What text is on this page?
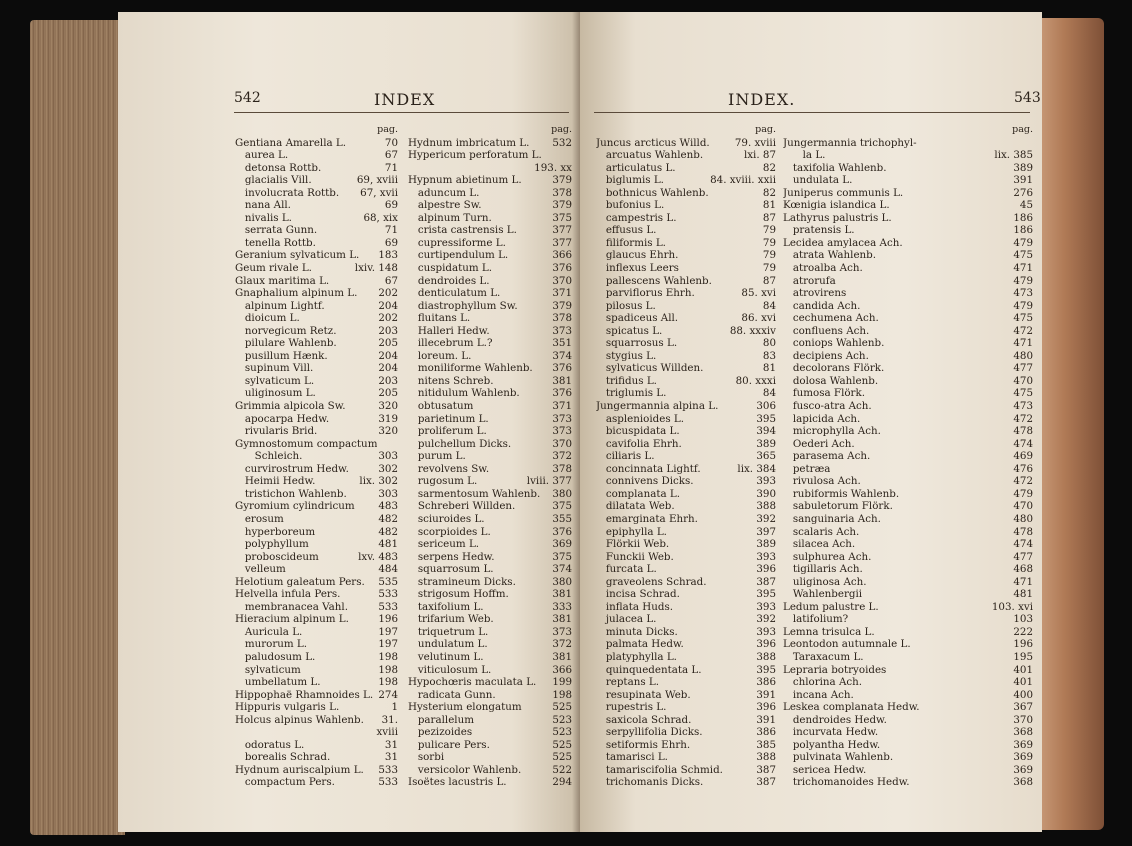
542	INDEX
pag.
Gentiana Amarella L.	70
aurea L.	67
detonsa Rottb.	71
glacialis Vill.	69, xviii
involucrata Rottb. 67, xvii
nana All.	69
nivalis L.	68, xix
serrata Gunn.	71
tenella Rottb.	69
Geranium sylvaticum L. 183
Geum rivale L.	lxiv. 148
Glaux maritima L.	67
Gnaphalium alpinum L. 202
alpinum Lightf.	204
dioicum L.	202
norvegicum Retz.	203
pilulare Wahlenb.	205
pusillum Hænk.	204
supinum Vill.	204
sylvaticum L.	203
uliginosum L.	205
Grimmia alpicola Sw.	320
apocarpa Hedw.	319
rivularis Brid.	320
Gymnostomum compactum
Schleich.	303
curvirostrum Hedw.	302
Heimii Hedw.	lix. 302
tristichon Wahlenb.	303
Gyromium cylindricum 483
erosum	482
hyperboreum	482
polyphyllum	481
proboscideum	lxv. 483
velleum	484
Helotium galeatum Pers. 535
Helvella infula Pers.	533
membranacea Vahl.	533
Hieracium alpinum L.	196
Auricula L.	197
murorum L.	197
paludosum L.	198
sylvaticum	198
umbellatum L.	198
Hippophaë Rhamnoides L. 274
Hippuris vulgaris L.	1
Holcus alpinus Wahlenb. 31.
xviii
odoratus L.	31
borealis Schrad.	31
Hydnum auriscalpium L. 533
compactum Pers.	533
pag.
Hydnum imbricatum L. 532
Hypericum perforatum L.
193. xx
Hypnum abietinum L.	379
aduncum L.	378
alpestre Sw.	379
alpinum Turn.	375
crista castrensis L.	377
cupressiforme L.	377
curtipendulum L.	366
cuspidatum L.	376
dendroides L.	370
denticulatum L.	371
diastrophyllum Sw.	379
fluitans L.	378
Halleri Hedw.	373
illecebrum L.?	351
loreum. L.	374
moniliforme Wahlenb. 376
nitens Schreb.	381
nitidulum Wahlenb.	376
obtusatum	371
parietinum L.	373
proliferum L.	373
pulchellum Dicks.	370
purum L.	372
revolvens Sw.	378
rugosum L.	lviii. 377
sarmentosum Wahlenb. 380
Schreberi Willden.	375
sciuroides L.	355
scorpioides L.	376
sericeum L.	369
serpens Hedw.	375
squarrosum L.	374
stramineum Dicks.	380
strigosum Hoffm.	381
taxifolium L.	333
trifarium Web.	381
triquetrum L.	373
undulatum L.	372
velutinum L.	381
viticulosum L.	366
Hypochœris maculata L. 199
radicata Gunn.	198
Hysterium elongatum	525
parallelum	523
pezizoides	523
pulicare Pers.	525
sorbi	525
versicolor Wahlenb.	522
Isoëtes lacustris L.	294
INDEX.	543
pag.
Juncus arcticus Willd. 79. xviii
arcuatus Wahlenb.	lxi. 87
articulatus L.	82
biglumis L.	84. xviii. xxii
bothnicus Wahlenb.	82
bufonius L.	81
campestris L.	87
effusus L.	79
filiformis L.	79
glaucus Ehrh.	79
inflexus Leers	79
pallescens Wahlenb.	87
parviflorus Ehrh.	85. xvi
pilosus L.	84
spadiceus All.	86. xvi
spicatus L.	88. xxxiv
squarrosus L.	80
stygius L.	83
sylvaticus Willden.	81
trifidus L.	80. xxxi
triglumis L.	84
Jungermannia alpina L.	306
asplenioides L.	395
bicuspidata L.	394
cavifolia Ehrh.	389
ciliaris L.	365
concinnata Lightf.	lix. 384
connivens Dicks.	393
complanata L.	390
dilatata Web.	388
emarginata Ehrh.	392
epiphylla L.	397
Flörkii Web.	389
Funckii Web.	393
furcata L.	396
graveolens Schrad.	387
incisa Schrad.	395
inflata Huds.	393
julacea L.	392
minuta Dicks.	393
palmata Hedw.	396
platyphylla L.	388
quinquedentata L.	395
reptans L.	386
resupinata Web.	391
rupestris L.	396
saxicola Schrad.	391
serpyllifolia Dicks.	386
setiformis Ehrh.	385
tamarisci L.	388
tamariscifolia Schmid.	387
trichomanis Dicks.	387
pag.
Jungermannia trichophyl-
la L.	lix. 385
taxifolia Wahlenb.	389
undulata L.	391
Juniperus communis L.	276
Kœnigia islandica L.	45
Lathyrus palustris L.	186
pratensis L.	186
Lecidea amylacea Ach.	479
atrata Wahlenb.	475
atroalba Ach.	471
atrorufa	479
atrovirens	473
candida Ach.	479
cechumena Ach.	475
confluens Ach.	472
coniops Wahlenb.	471
decipiens Ach.	480
decolorans Flörk.	477
dolosa Wahlenb.	470
fumosa Flörk.	475
fusco-atra Ach.	473
lapicida Ach.	472
microphylla Ach.	478
Oederi Ach.	474
parasema Ach.	469
petræa	476
rivulosa Ach.	472
rubiformis Wahlenb.	479
sabuletorum Flörk.	470
sanguinaria Ach.	480
scalaris Ach.	478
silacea Ach.	474
sulphurea Ach.	477
tigillaris Ach.	468
uliginosa Ach.	471
Wahlenbergii	481
Ledum palustre L.	103. xvi
latifolium?	103
Lemna trisulca L.	222
Leontodon autumnale L.	196
Taraxacum L.	195
Lepraria botryoides	401
chlorina Ach.	401
incana Ach.	400
Leskea complanata Hedw.	367
dendroides Hedw.	370
incurvata Hedw.	368
polyantha Hedw.	369
pulvinata Wahlenb.	369
sericea Hedw.	369
trichomanoides Hedw.	368
